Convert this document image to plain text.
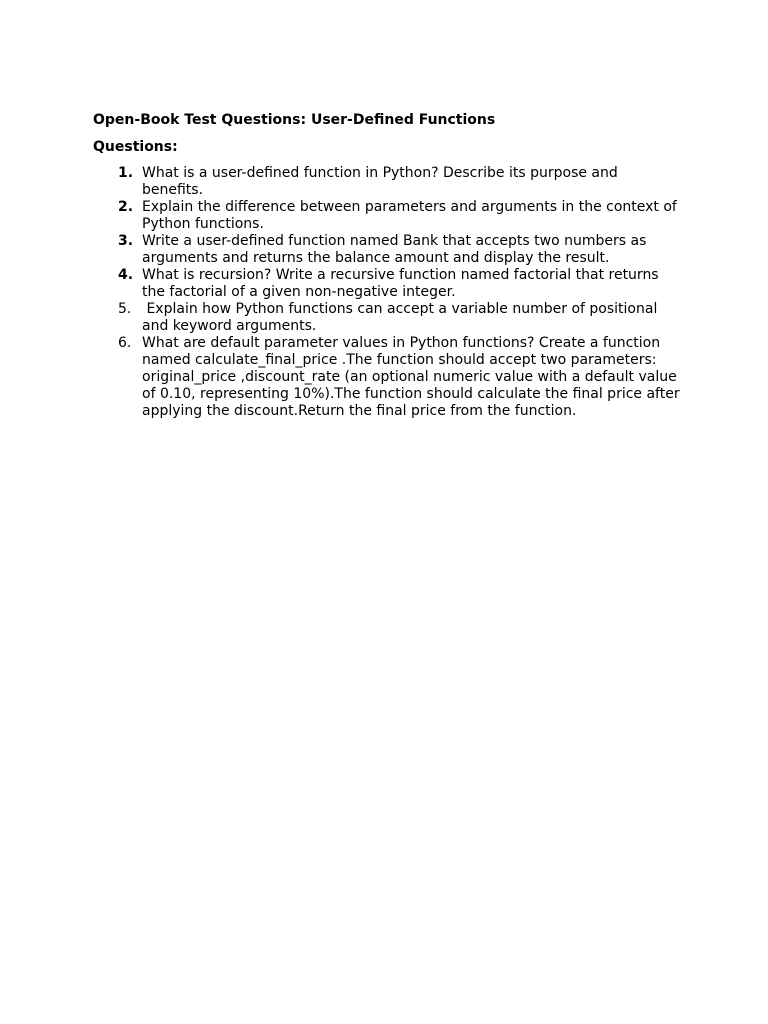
Open-Book Test Questions: User-Defined Functions
Questions:
1. What is a user-defined function in Python? Describe its purpose and benefits.
2. Explain the difference between parameters and arguments in the context of Python functions.
3. Write a user-defined function named Bank that accepts two numbers as arguments and returns the balance amount and display the result.
4. What is recursion? Write a recursive function named factorial that returns the factorial of a given non-negative integer.
5. Explain how Python functions can accept a variable number of positional and keyword arguments.
6. What are default parameter values in Python functions? Create a function named calculate_final_price .The function should accept two parameters: original_price ,discount_rate (an optional numeric value with a default value of 0.10, representing 10%).The function should calculate the final price after applying the discount.Return the final price from the function.
